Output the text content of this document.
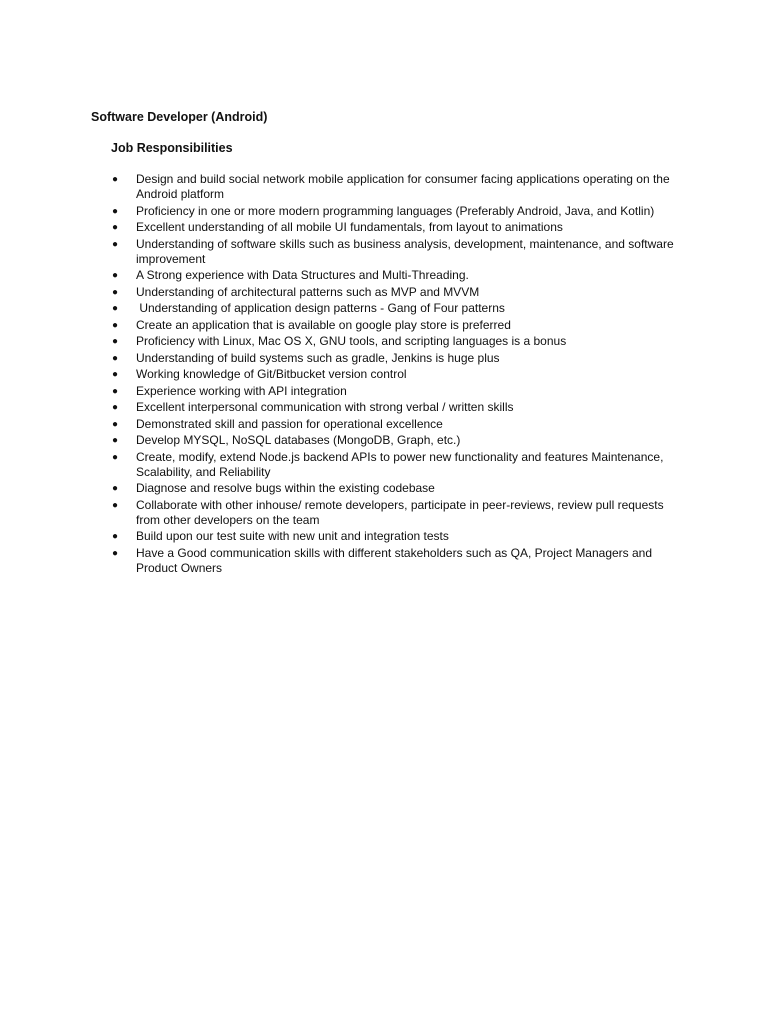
Software Developer (Android)
Job Responsibilities
● Design and build social network mobile application for consumer facing applications operating on the Android platform
● Proficiency in one or more modern programming languages (Preferably Android, Java, and Kotlin)
● Excellent understanding of all mobile UI fundamentals, from layout to animations
● Understanding of software skills such as business analysis, development, maintenance, and software improvement
● A Strong experience with Data Structures and Multi-Threading.
● Understanding of architectural patterns such as MVP and MVVM
● Understanding of application design patterns - Gang of Four patterns
● Create an application that is available on google play store is preferred
● Proficiency with Linux, Mac OS X, GNU tools, and scripting languages is a bonus
● Understanding of build systems such as gradle, Jenkins is huge plus
● Working knowledge of Git/Bitbucket version control
● Experience working with API integration
● Excellent interpersonal communication with strong verbal / written skills
● Demonstrated skill and passion for operational excellence
● Develop MYSQL, NoSQL databases (MongoDB, Graph, etc.)
● Create, modify, extend Node.js backend APIs to power new functionality and features Maintenance, Scalability, and Reliability
● Diagnose and resolve bugs within the existing codebase
● Collaborate with other inhouse/ remote developers, participate in peer-reviews, review pull requests from other developers on the team
● Build upon our test suite with new unit and integration tests
● Have a Good communication skills with different stakeholders such as QA, Project Managers and Product Owners
